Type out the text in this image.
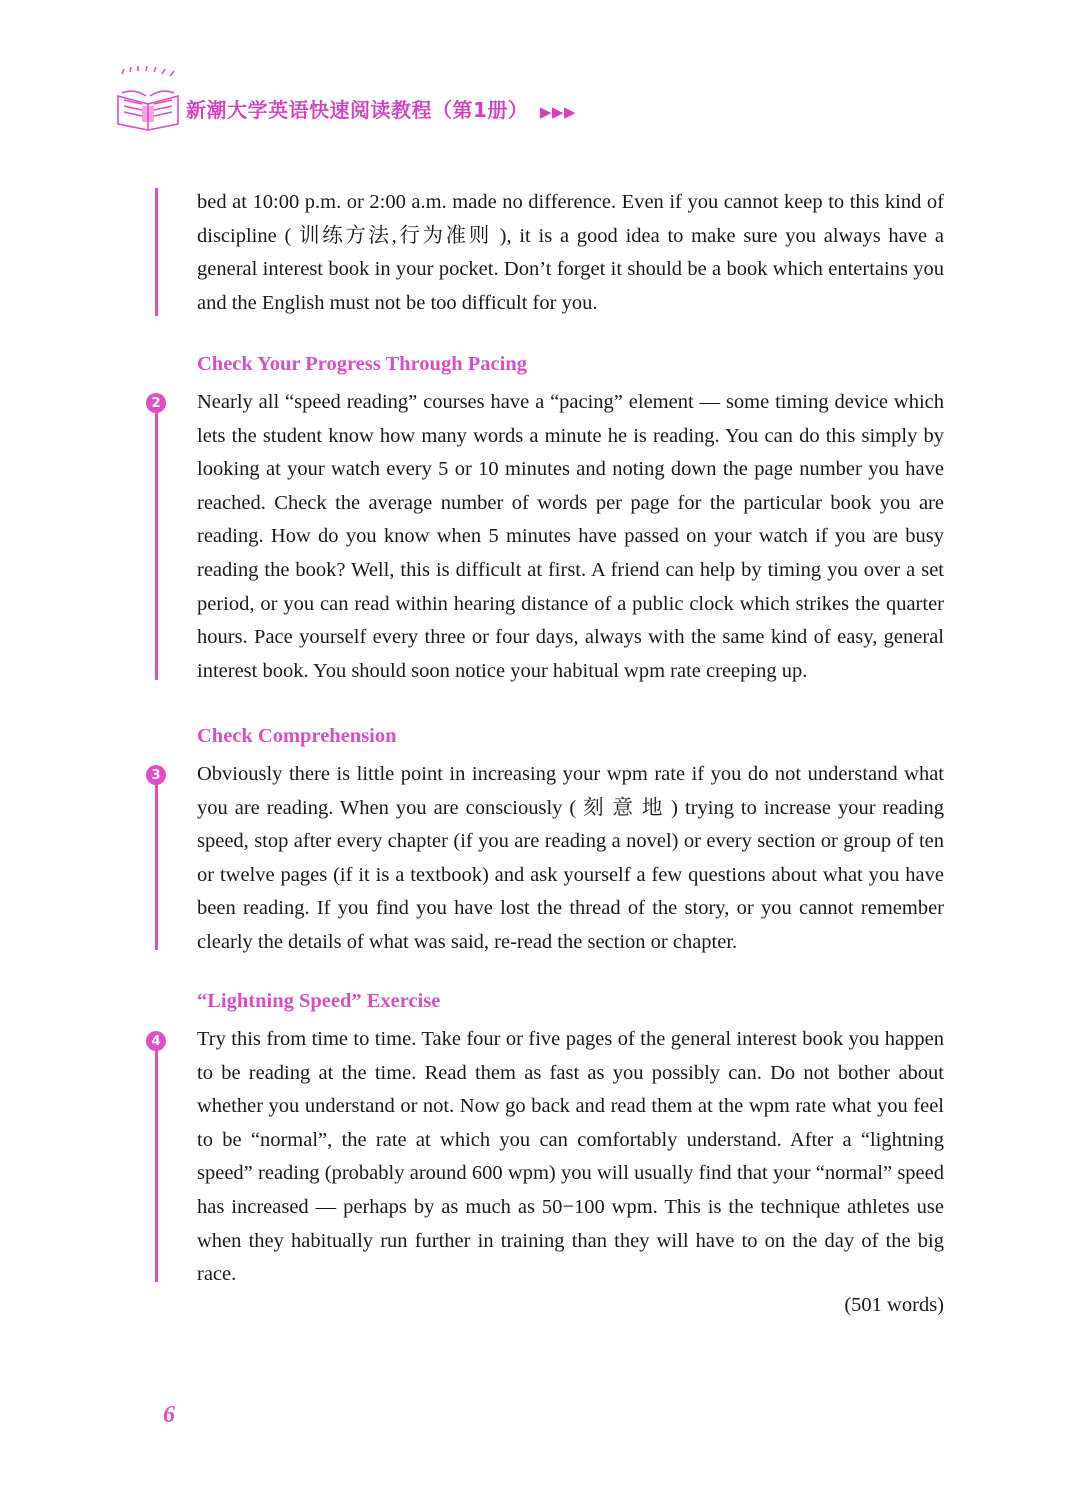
新潮大学英语快速阅读教程（第1册） ▶▶▶

bed at 10:00 p.m. or 2:00 a.m. made no difference. Even if you cannot keep to this kind of discipline ( 训练方法,行为准则 ), it is a good idea to make sure you always have a general interest book in your pocket. Don’t forget it should be a book which entertains you and the English must not be too difficult for you.

Check Your Progress Through Pacing
2 Nearly all “speed reading” courses have a “pacing” element — some timing device which lets the student know how many words a minute he is reading. You can do this simply by looking at your watch every 5 or 10 minutes and noting down the page number you have reached. Check the average number of words per page for the particular book you are reading. How do you know when 5 minutes have passed on your watch if you are busy reading the book? Well, this is difficult at first. A friend can help by timing you over a set period, or you can read within hearing distance of a public clock which strikes the quarter hours. Pace yourself every three or four days, always with the same kind of easy, general interest book. You should soon notice your habitual wpm rate creeping up.

Check Comprehension
3 Obviously there is little point in increasing your wpm rate if you do not understand what you are reading. When you are consciously ( 刻 意 地 ) trying to increase your reading speed, stop after every chapter (if you are reading a novel) or every section or group of ten or twelve pages (if it is a textbook) and ask yourself a few questions about what you have been reading. If you find you have lost the thread of the story, or you cannot remember clearly the details of what was said, re-read the section or chapter.

“Lightning Speed” Exercise
4 Try this from time to time. Take four or five pages of the general interest book you happen to be reading at the time. Read them as fast as you possibly can. Do not bother about whether you understand or not. Now go back and read them at the wpm rate what you feel to be “normal”, the rate at which you can comfortably understand. After a “lightning speed” reading (probably around 600 wpm) you will usually find that your “normal” speed has increased — perhaps by as much as 50−100 wpm. This is the technique athletes use when they habitually run further in training than they will have to on the day of the big race.

(501 words)
6
